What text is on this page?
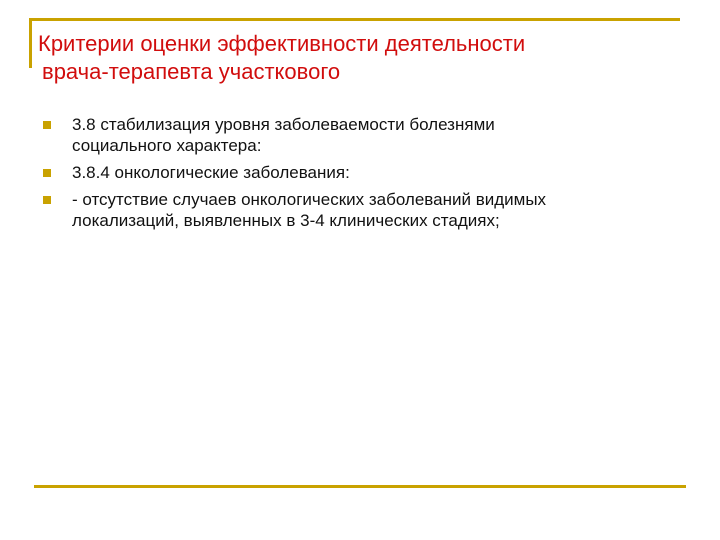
Критерии оценки эффективности деятельности
врача-терапевта участкового
3.8 стабилизация уровня заболеваемости болезнями
социального характера:
3.8.4 онкологические заболевания:
- отсутствие случаев онкологических заболеваний видимых
локализаций, выявленных в 3-4 клинических стадиях;
